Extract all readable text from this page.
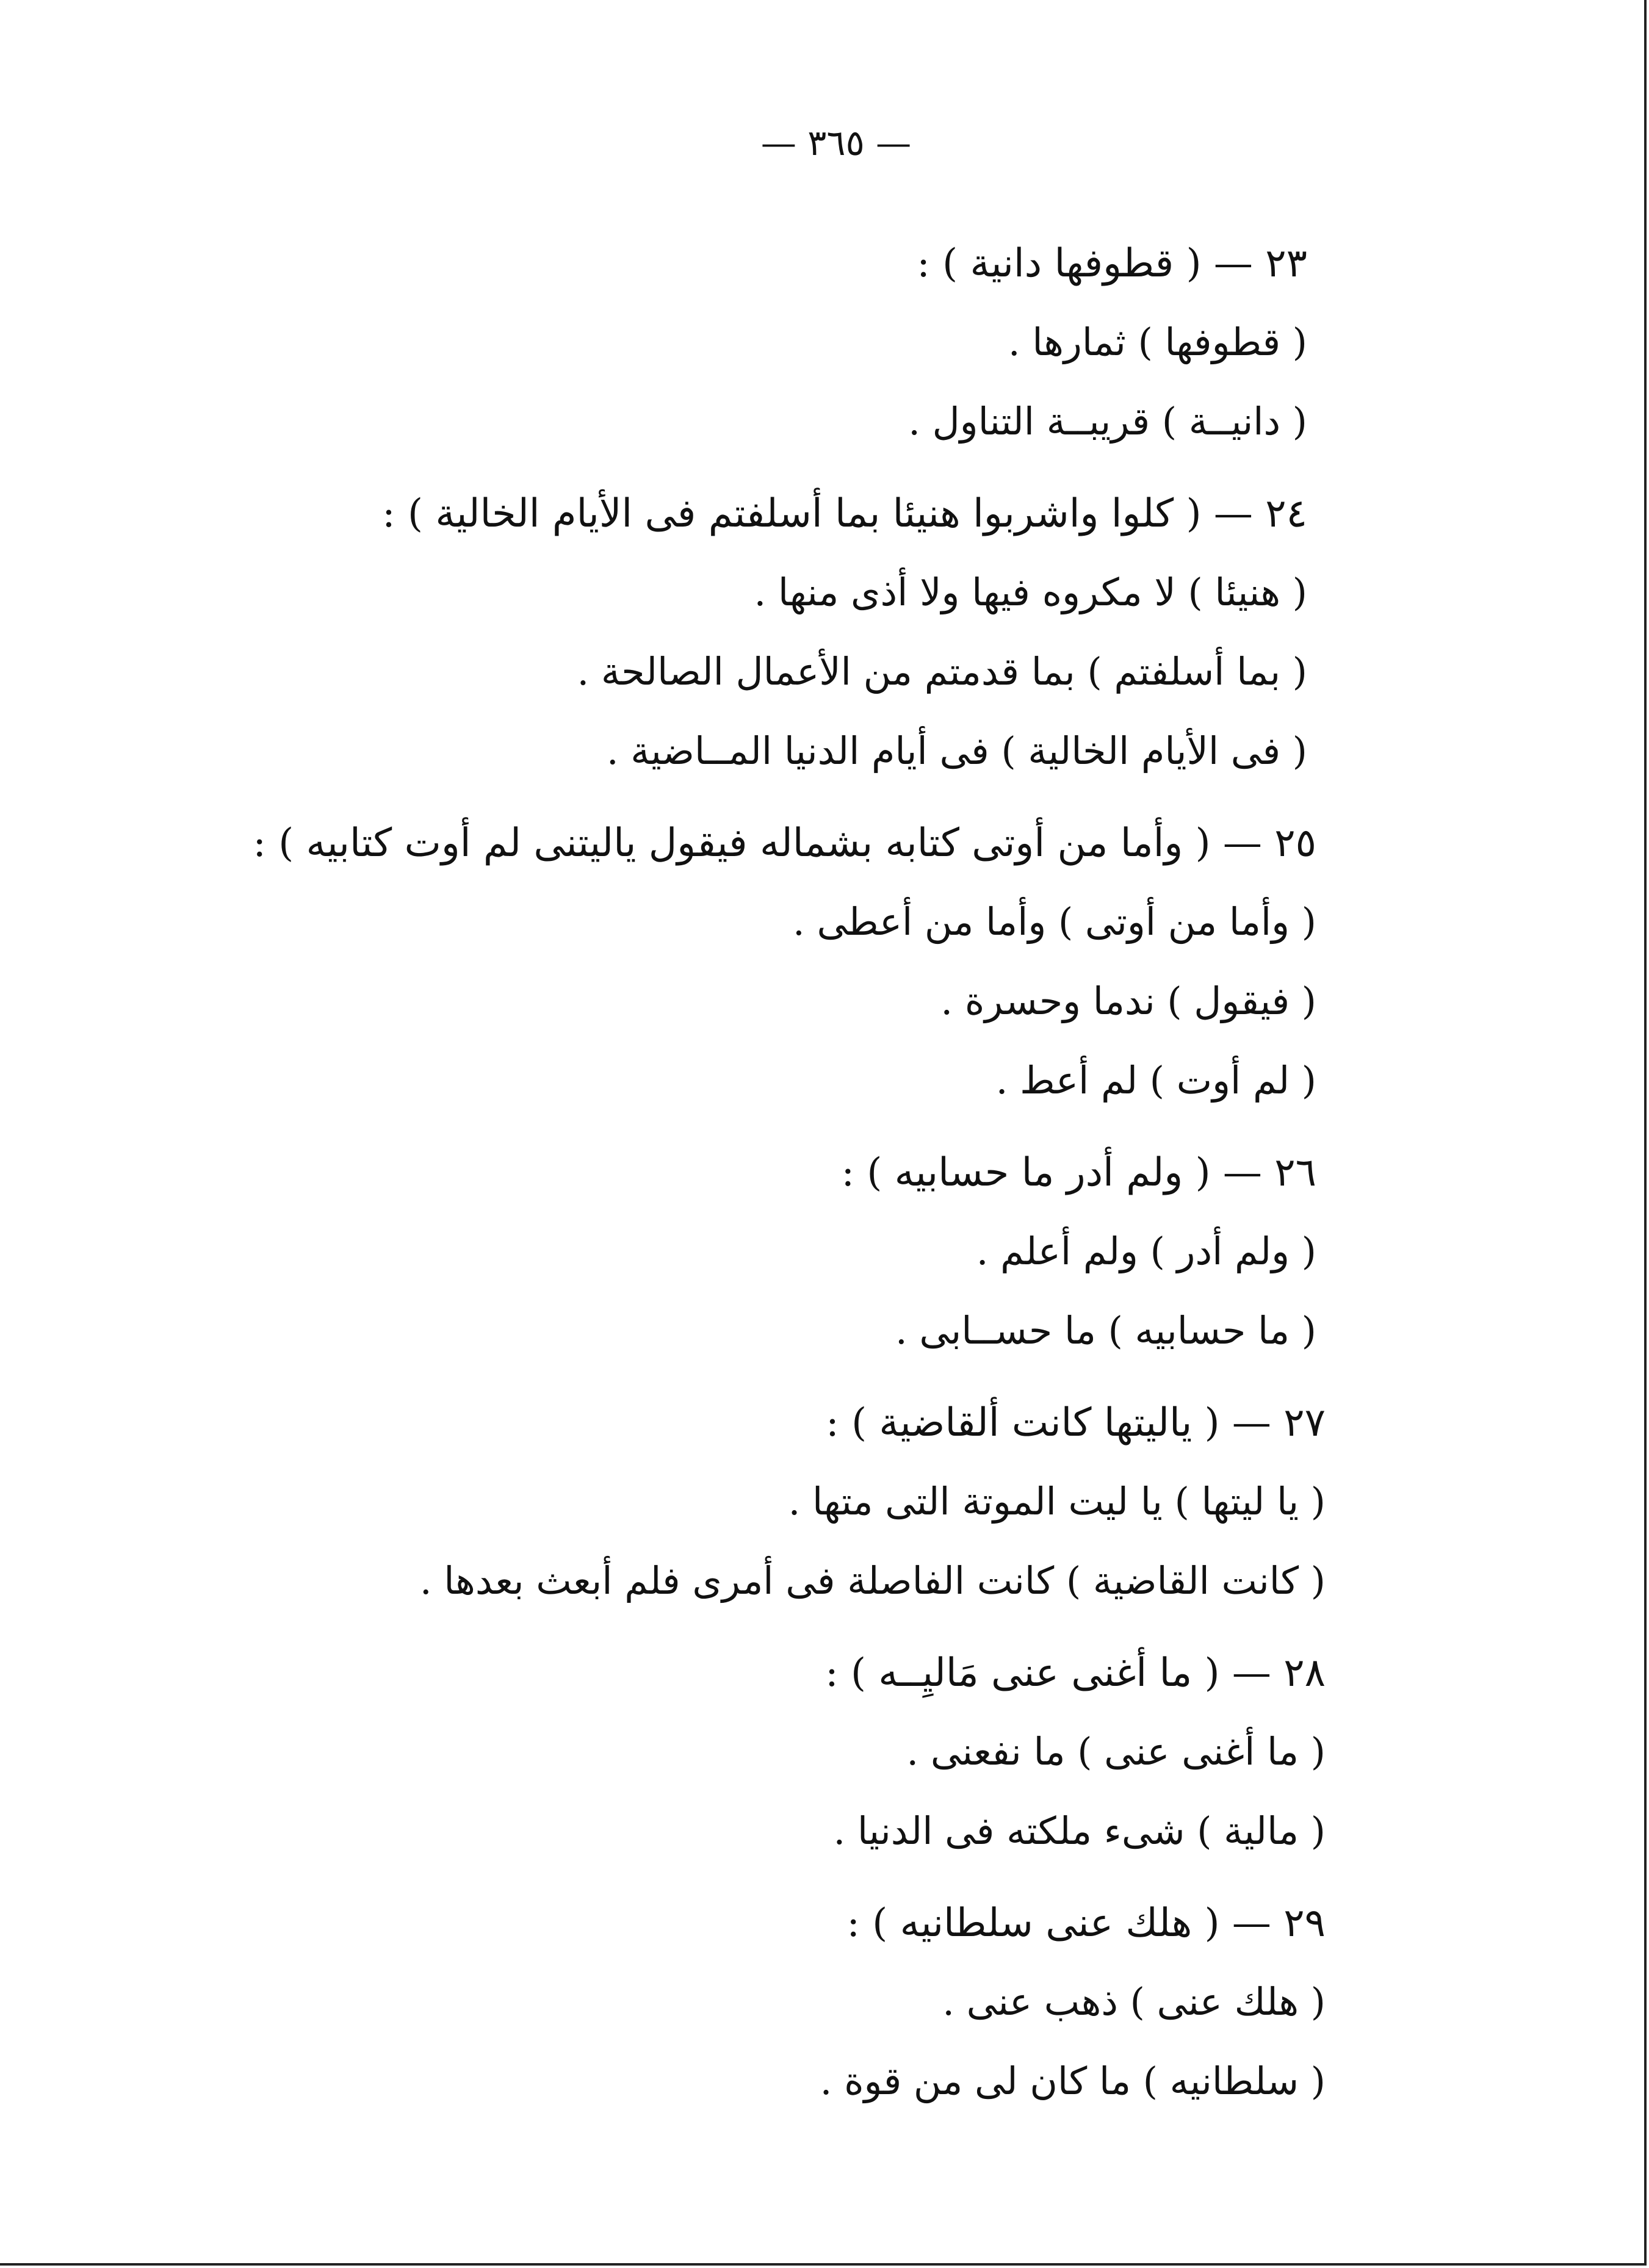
— ٣٦٥ —
٢٣ — ( قطوفها دانية ) :
( قطوفها ) ثمارها .
( دانيــة ) قريبــة التناول .
٢٤ — ( كلوا واشربوا هنيئا بما أسلفتم فى الأيام الخالية ) :
( هنيئا ) لا مكروه فيها ولا أذى منها .
( بما أسلفتم ) بما قدمتم من الأعمال الصالحة .
( فى الأيام الخالية ) فى أيام الدنيا المــاضية .
٢٥ — ( وأما من أوتى كتابه بشماله فيقول ياليتنى لم أوت كتابيه ) :
( وأما من أوتى ) وأما من أعطى .
( فيقول ) ندما وحسرة .
( لم أوت ) لم أعط .
٢٦ — ( ولم أدر ما حسابيه ) :
( ولم أدر ) ولم أعلم .
( ما حسابيه ) ما حســابى .
٢٧ — ( ياليتها كانت ألقاضية ) :
( يا ليتها ) يا ليت الموتة التى متها .
( كانت القاضية ) كانت الفاصلة فى أمرى فلم أبعث بعدها .
٢٨ — ( ما أغنى عنى مَاليِــه ) :
( ما أغنى عنى ) ما نفعنى .
( مالية ) شىء ملكته فى الدنيا .
٢٩ — ( هلك عنى سلطانيه ) :
( هلك عنى ) ذهب عنى .
( سلطانيه ) ما كان لى من قوة .
